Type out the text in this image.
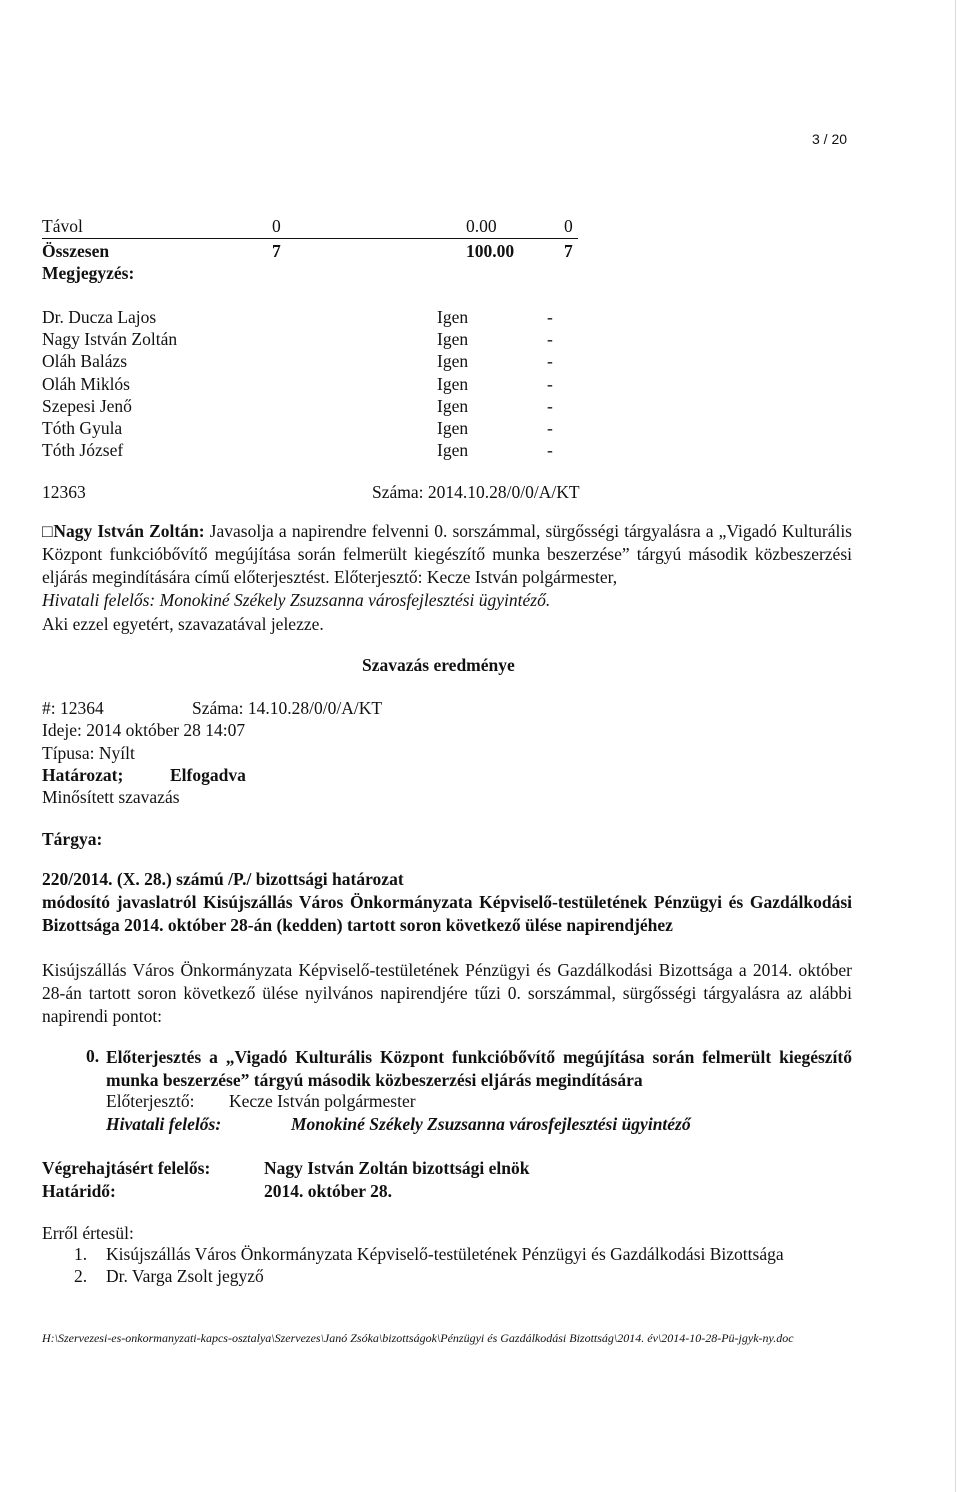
3 / 20
Távol	0	0.00	0
Összesen	7	100.00	7
Megjegyzés:
Dr. Ducza Lajos	Igen	-
Nagy István Zoltán	Igen	-
Oláh Balázs	Igen	-
Oláh Miklós	Igen	-
Szepesi Jenő	Igen	-
Tóth Gyula	Igen	-
Tóth József	Igen	-
12363	Száma: 2014.10.28/0/0/A/KT
□Nagy István Zoltán: Javasolja a napirendre felvenni 0. sorszámmal, sürgősségi tárgyalásra a „Vigadó Kulturális Központ funkcióbővítő megújítása során felmerült kiegészítő munka beszerzése” tárgyú második közbeszerzési eljárás megindítására című előterjesztést. Előterjesztő: Kecze István polgármester,
Hivatali felelős: Monokiné Székely Zsuzsanna városfejlesztési ügyintéző.
Aki ezzel egyetért, szavazatával jelezze.
Szavazás eredménye
#: 12364	Száma: 14.10.28/0/0/A/KT
Ideje: 2014 október 28 14:07
Típusa: Nyílt
Határozat;	Elfogadva
Minősített szavazás
Tárgya:
220/2014. (X. 28.) számú /P./ bizottsági határozat
módosító javaslatról Kisújszállás Város Önkormányzata Képviselő-testületének Pénzügyi és Gazdálkodási Bizottsága 2014. október 28-án (kedden) tartott soron következő ülése napirendjéhez
Kisújszállás Város Önkormányzata Képviselő-testületének Pénzügyi és Gazdálkodási Bizottsága a 2014. október 28-án tartott soron következő ülése nyilvános napirendjére tűzi 0. sorszámmal, sürgősségi tárgyalásra az alábbi napirendi pontot:
0. Előterjesztés a „Vigadó Kulturális Központ funkcióbővítő megújítása során felmerült kiegészítő munka beszerzése” tárgyú második közbeszerzési eljárás megindítására
Előterjesztő: Kecze István polgármester
Hivatali felelős:	Monokiné Székely Zsuzsanna városfejlesztési ügyintéző
Végrehajtásért felelős:	Nagy István Zoltán bizottsági elnök
Határidő:	2014. október 28.
Erről értesül:
1. Kisújszállás Város Önkormányzata Képviselő-testületének Pénzügyi és Gazdálkodási Bizottsága
2. Dr. Varga Zsolt jegyző
H:\Szervezesi-es-onkormanyzati-kapcs-osztalya\Szervezes\Janó Zsóka\bizottságok\Pénzügyi és Gazdálkodási Bizottság\2014. év\2014-10-28-Pü-jgyk-ny.doc
